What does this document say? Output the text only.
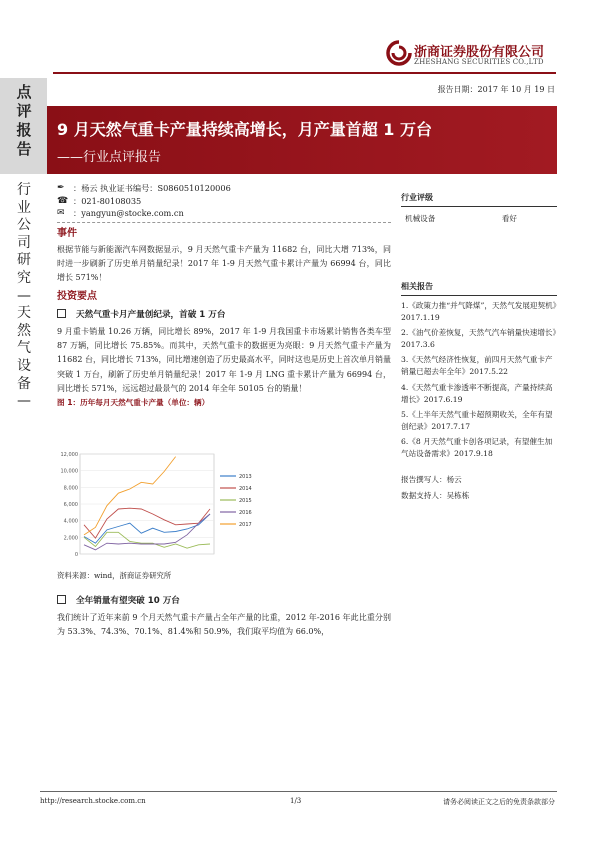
浙商证券股份有限公司
ZHESHANG SECURITIES CO.,LTD
报告日期：2017 年 10 月 19 日
点评报告
行业公司研究—天然气设备—
9 月天然气重卡产量持续高增长，月产量首超 1 万台
——行业点评报告
✒	：杨云 执业证书编号：S0860510120006
☎ ：021-80108035
✉	：yangyun@stocke.com.cn
事件
根据节能与新能源汽车网数据显示，9 月天然气重卡产量为 11682 台，同比大增 713%，同时进一步刷新了历史单月销量纪录！2017 年 1-9 月天然气重卡累计产量为 66994 台，同比增长 571%！
投资要点
天然气重卡月产量创纪录，首破 1 万台
9 月重卡销量 10.26 万辆，同比增长 89%，2017 年 1-9 月我国重卡市场累计销售各类车型 87 万辆，同比增长 75.85%。而其中，天然气重卡的数据更为亮眼：9 月天然气重卡产量为 11682 台，同比增长 713%，同比增速创造了历史最高水平，同时这也是历史上首次单月销量突破 1 万台，刷新了历史单月销量纪录！2017 年 1-9 月 LNG 重卡累计产量为 66994 台，同比增长 571%，远远超过最景气的 2014 年全年 50105 台的销量！
图 1：历年每月天然气重卡产量（单位：辆）
12,000
10,000
8,000
6,000
4,000
2,000
0
2013
2014
2015
2016
2017
资料来源：wind，浙商证券研究所
全年销量有望突破 10 万台
我们统计了近年来前 9 个月天然气重卡产量占全年产量的比重，2012 年-2016 年此比重分别为 53.3%、74.3%、70.1%、81.4%和 50.9%，我们取平均值为 66.0%，
行业评级
机械设备	看好
相关报告
1.《政策力推“并气降煤”，天然气发展迎契机》2017.1.19
2.《油气价差恢复，天然气汽车销量快速增长》2017.3.6
3.《天然气经济性恢复，前四月天然气重卡产销量已超去年全年》2017.5.22
4.《天然气重卡渗透率不断提高，产量持续高增长》2017.6.19
5.《上半年天然气重卡超预期收关，全年有望创纪录》2017.7.17
6.《8 月天然气重卡创各项记录，有望催生加气站设备需求》2017.9.18
报告撰写人：杨云
数据支持人：吴栋栋
http://research.stocke.com.cn	1/3	请务必阅读正文之后的免责条款部分
